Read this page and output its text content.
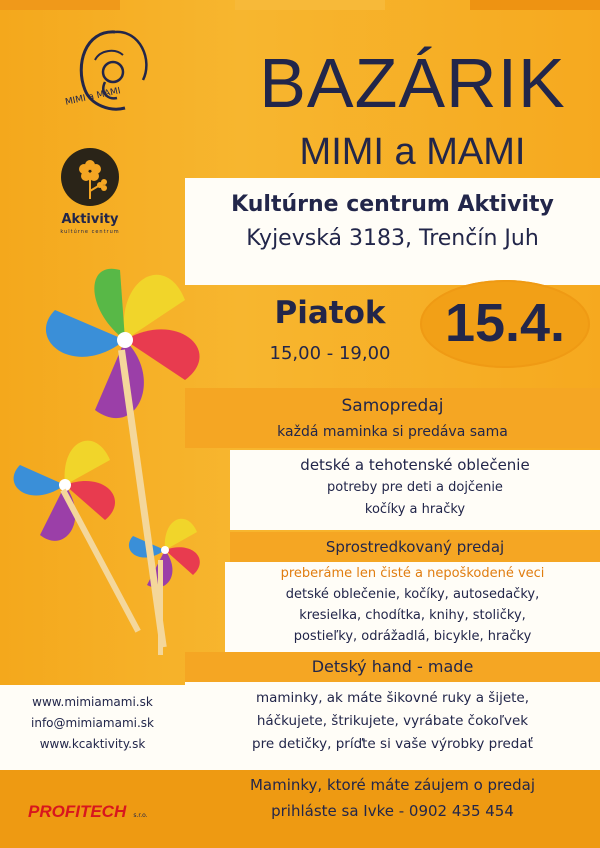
BAZÁRIK
MIMI a MAMI
MIMI a MAMI
Aktivity
kultúrne centrum
Kultúrne centrum Aktivity
Kyjevská 3183, Trenčín Juh
Piatok
15,00 - 19,00
15.4.
Samopredaj
každá maminka si predáva sama
detské a tehotenské oblečenie
potreby pre deti a dojčenie
kočíky a hračky
Sprostredkovaný predaj
preberáme len čisté a nepoškodené veci
detské oblečenie, kočíky, autosedačky,
kresielka, chodítka, knihy, stoličky,
postieľky, odrážadlá, bicykle, hračky
Detský hand - made
maminky, ak máte šikovné ruky a šijete,
háčkujete, štrikujete, vyrábate čokoľvek
pre detičky, príďte si vaše výrobky predať
Maminky, ktoré máte záujem o predaj
prihláste sa Ivke - 0902 435 454
www.mimiamami.sk
info@mimiamami.sk
www.kcaktivity.sk
PROFITECH s.r.o.
